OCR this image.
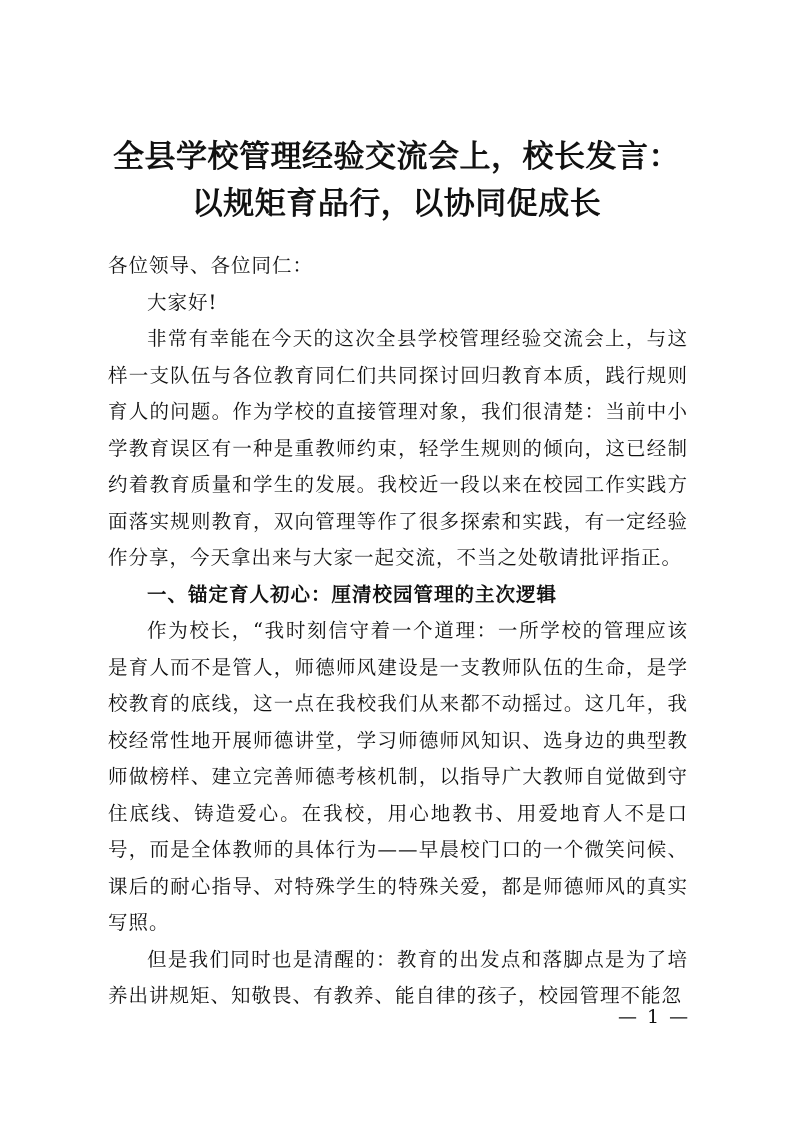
全县学校管理经验交流会上，校长发言：
以规矩育品行，以协同促成长

各位领导、各位同仁：

大家好!

非常有幸能在今天的这次全县学校管理经验交流会上，与这样一支队伍与各位教育同仁们共同探讨回归教育本质，践行规则育人的问题。作为学校的直接管理对象，我们很清楚：当前中小学教育误区有一种是重教师约束，轻学生规则的倾向，这已经制约着教育质量和学生的发展。我校近一段以来在校园工作实践方面落实规则教育，双向管理等作了很多探索和实践，有一定经验作分享，今天拿出来与大家一起交流，不当之处敬请批评指正。

一、锚定育人初心：厘清校园管理的主次逻辑

作为校长，“我时刻信守着一个道理：一所学校的管理应该是育人而不是管人，师德师风建设是一支教师队伍的生命，是学校教育的底线，这一点在我校我们从来都不动摇过。这几年，我校经常性地开展师德讲堂，学习师德师风知识、选身边的典型教师做榜样、建立完善师德考核机制，以指导广大教师自觉做到守住底线、铸造爱心。在我校，用心地教书、用爱地育人不是口号，而是全体教师的具体行为——早晨校门口的一个微笑问候、课后的耐心指导、对特殊学生的特殊关爱，都是师德师风的真实写照。

但是我们同时也是清醒的：教育的出发点和落脚点是为了培养出讲规矩、知敬畏、有教养、能自律的孩子，校园管理不能忽

— 1 —
